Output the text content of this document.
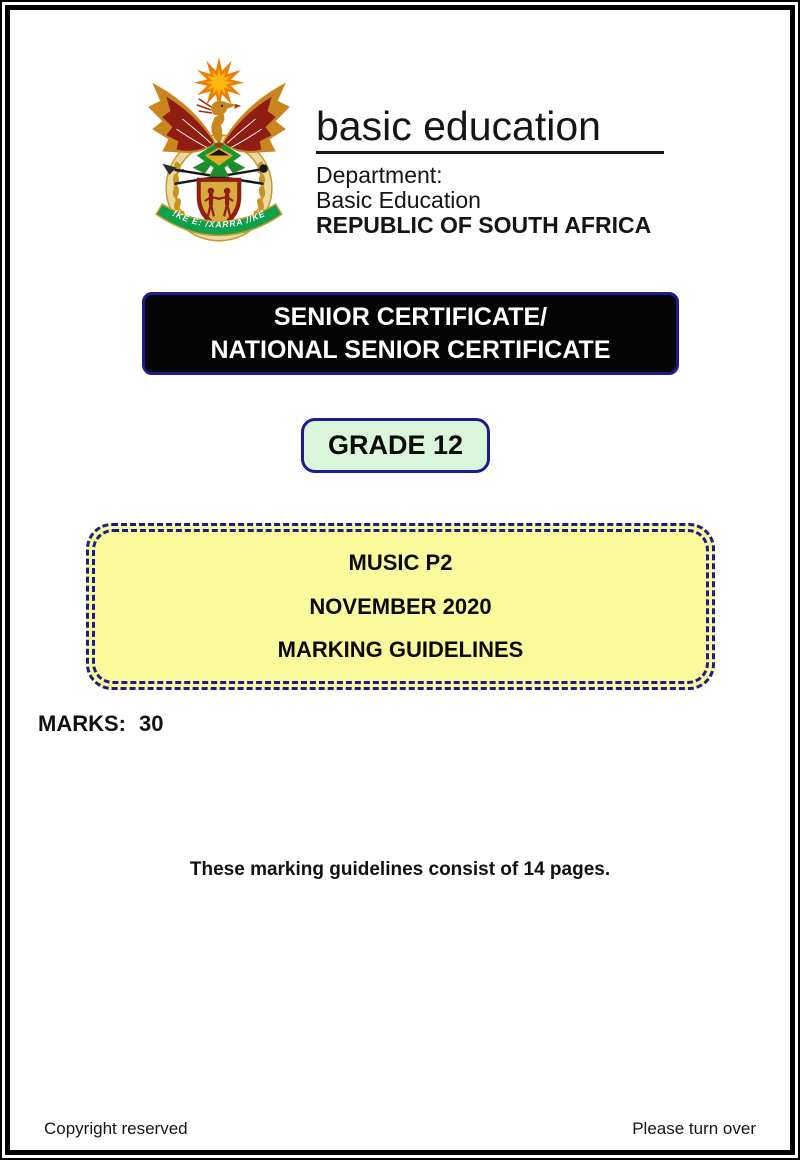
!KE E: /XARRA //KE
basic education
Department:
Basic Education
REPUBLIC OF SOUTH AFRICA
SENIOR CERTIFICATE/
NATIONAL SENIOR CERTIFICATE
GRADE 12
MUSIC P2
NOVEMBER 2020
MARKING GUIDELINES
MARKS: 30
These marking guidelines consist of 14 pages.
Copyright reserved	Please turn over
